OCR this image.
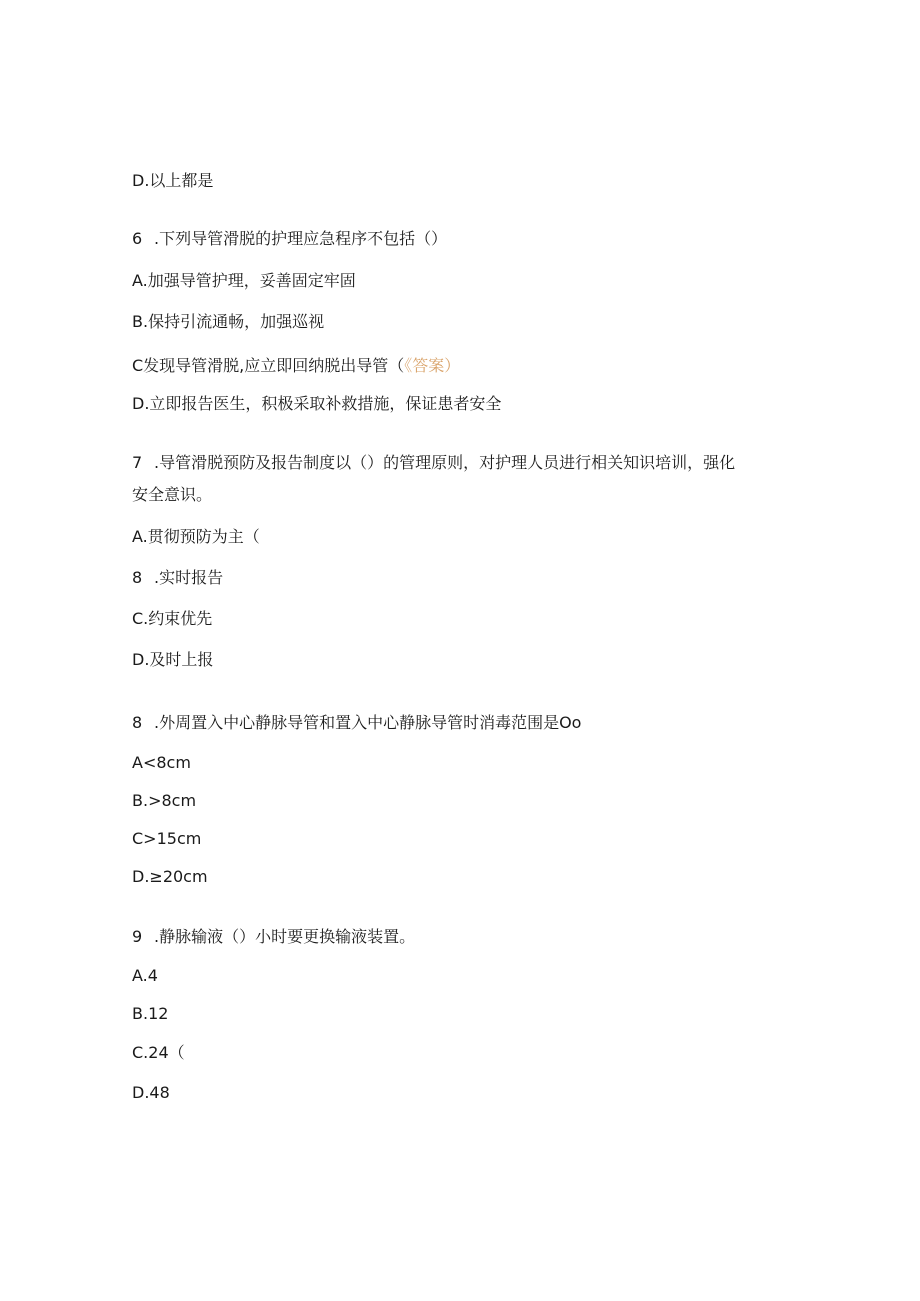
D.以上都是
6 .下列导管滑脱的护理应急程序不包括（）
A.加强导管护理，妥善固定牢固
B.保持引流通畅，加强巡视
C发现导管滑脱,应立即回纳脱出导管（《答案）
D.立即报告医生，积极采取补救措施，保证患者安全
7 .导管滑脱预防及报告制度以（）的管理原则，对护理人员进行相关知识培训，强化
安全意识。
A.贯彻预防为主（
8 .实时报告
C.约束优先
D.及时上报
8 .外周置入中心静脉导管和置入中心静脉导管时消毒范围是Oo
A<8cm
B.>8cm
C>15cm
D.≥20cm
9 .静脉输液（）小时要更换输液装置。
A.4
B.12
C.24（
D.48
